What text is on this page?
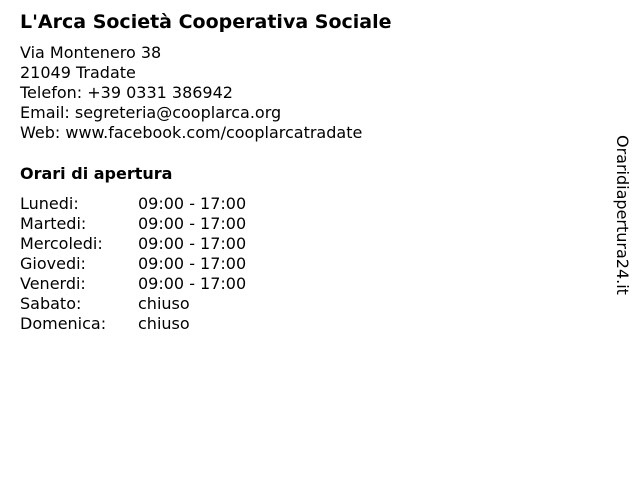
L'Arca Società Cooperativa Sociale
Via Montenero 38
21049 Tradate
Telefon: +39 0331 386942
Email: segreteria@cooplarca.org
Web: www.facebook.com/cooplarcatradate
Orari di apertura
Lunedi:	09:00 - 17:00
Martedi:	09:00 - 17:00
Mercoledi:	09:00 - 17:00
Giovedi:	09:00 - 17:00
Venerdi:	09:00 - 17:00
Sabato:	chiuso
Domenica:	chiuso
Oraridiapertura24.it
